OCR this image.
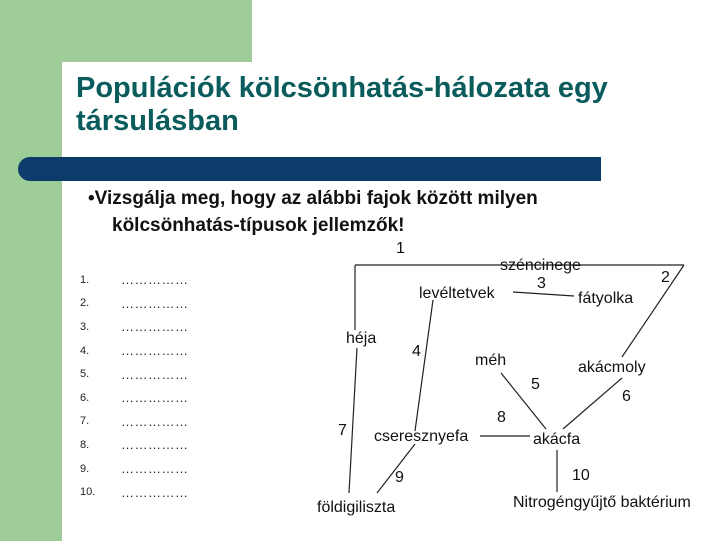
Populációk kölcsönhatás-hálozata egy társulásban
•Vizsgálja meg, hogy az alábbi fajok között milyen
kölcsönhatás-típusok jellemzők!
1.	……………
2.	……………
3.	……………
4.	……………
5.	……………
6.	……………
7.	……………
8.	……………
9.	……………
10.	……………
széncinege
levéltetvek	fátyolka
héja
méh	akácmoly
cseresznyefa	akácfa
földigiliszta	Nitrogéngyűjtő baktérium
1
2
3
4
5
6
7
8
9	10
